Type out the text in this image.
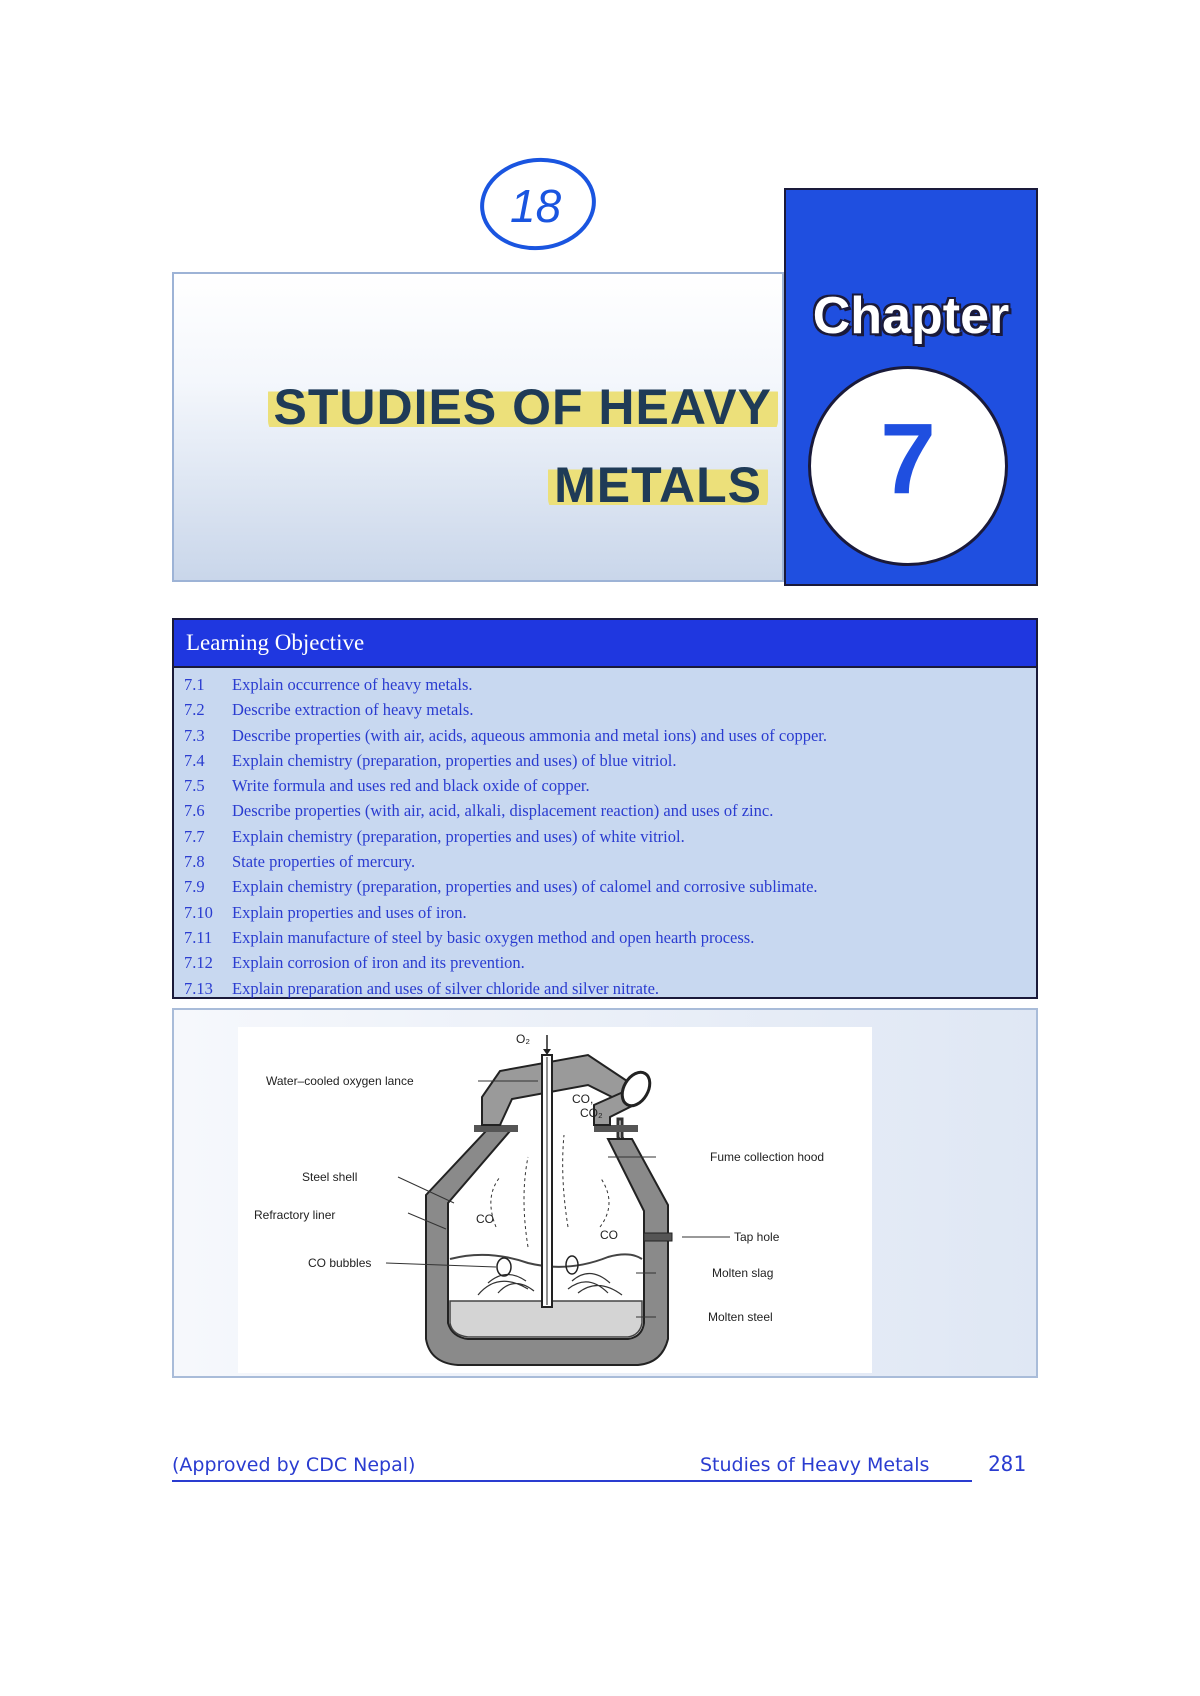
18
STUDIES OF HEAVY
METALS
Chapter
7
Learning Objective
7.1 Explain occurrence of heavy metals.
7.2 Describe extraction of heavy metals.
7.3 Describe properties (with air, acids, aqueous ammonia and metal ions) and uses of copper.
7.4 Explain chemistry (preparation, properties and uses) of blue vitriol.
7.5 Write formula and uses red and black oxide of copper.
7.6 Describe properties (with air, acid, alkali, displacement reaction) and uses of zinc.
7.7 Explain chemistry (preparation, properties and uses) of white vitriol.
7.8 State properties of mercury.
7.9 Explain chemistry (preparation, properties and uses) of calomel and corrosive sublimate.
7.10 Explain properties and uses of iron.
7.11 Explain manufacture of steel by basic oxygen method and open hearth process.
7.12 Explain corrosion of iron and its prevention.
7.13 Explain preparation and uses of silver chloride and silver nitrate.
O₂
Water–cooled oxygen lance
CO,
CO₂
Fume collection hood
Steel shell
Refractory liner	CO
CO	Tap hole
CO bubbles
Molten slag
Molten steel
(Approved by CDC Nepal)	Studies of Heavy Metals	281
